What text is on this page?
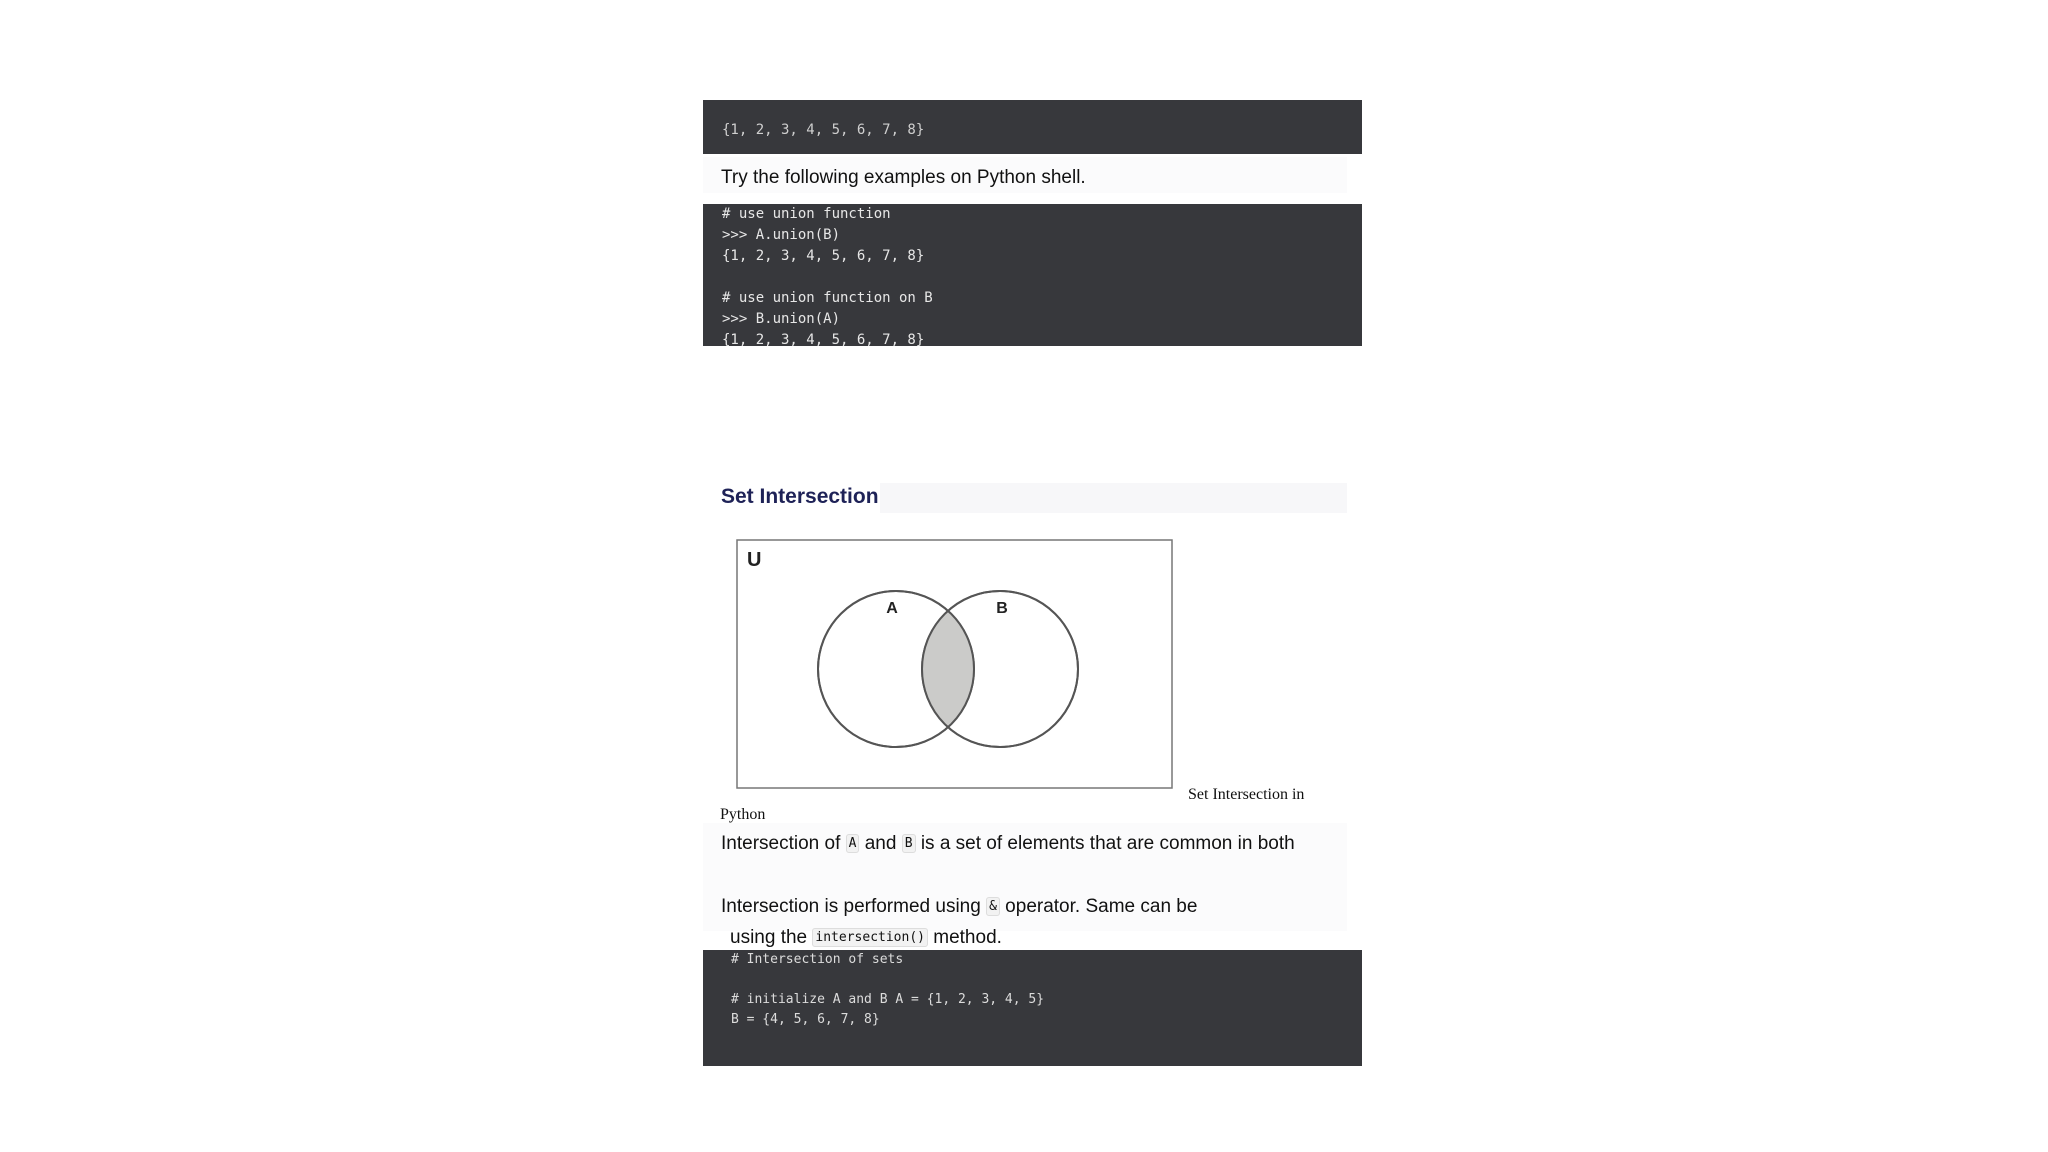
{1, 2, 3, 4, 5, 6, 7, 8}
Try the following examples on Python shell.
# use union function
>>> A.union(B)
{1, 2, 3, 4, 5, 6, 7, 8}
# use union function on B
>>> B.union(A)
{1, 2, 3, 4, 5, 6, 7, 8}
Set Intersection
U
A	B
Set Intersection in
Python
Intersection of A and B is a set of elements that are common in both
Intersection is performed using & operator. Same can be
using the intersection() method.
# Intersection of sets
# initialize A and B A = {1, 2, 3, 4, 5}
B = {4, 5, 6, 7, 8}
